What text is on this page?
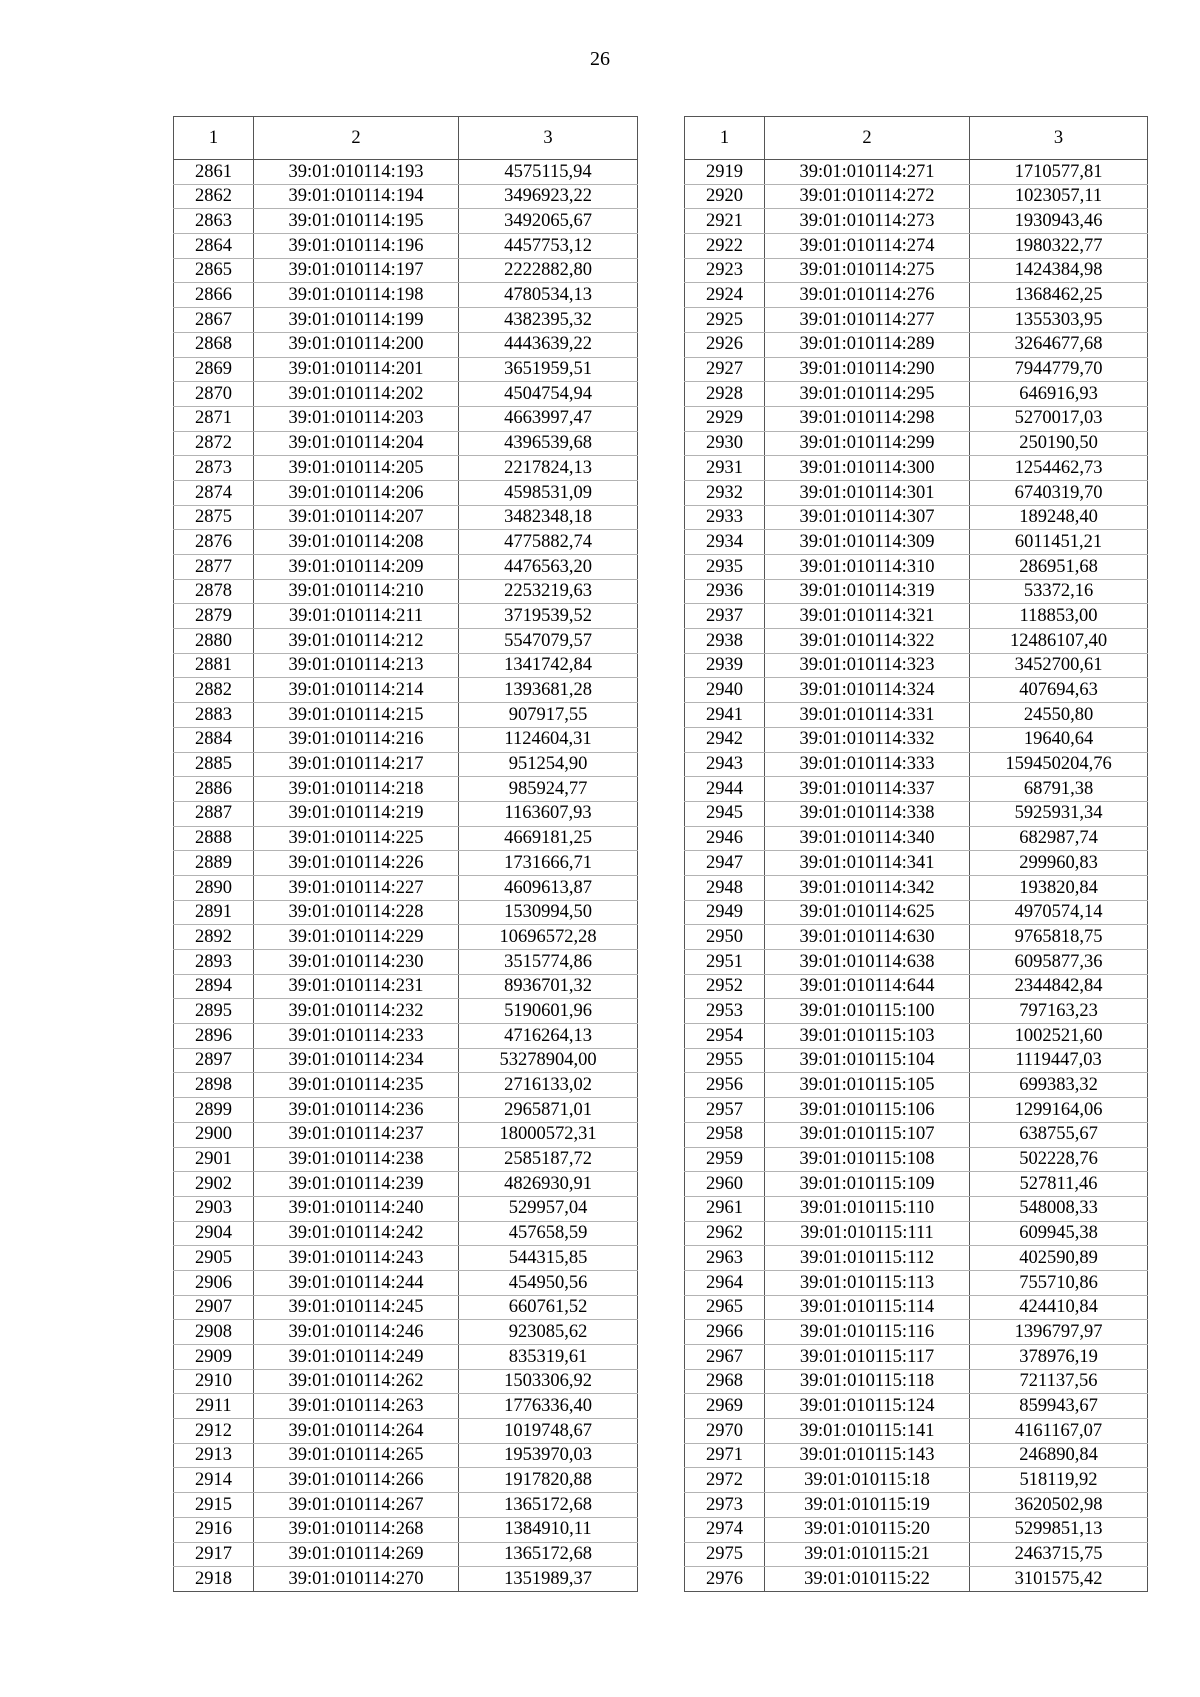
26
1	2	3
2861	39:01:010114:193	4575115,94
2862	39:01:010114:194	3496923,22
2863	39:01:010114:195	3492065,67
2864	39:01:010114:196	4457753,12
2865	39:01:010114:197	2222882,80
2866	39:01:010114:198	4780534,13
2867	39:01:010114:199	4382395,32
2868	39:01:010114:200	4443639,22
2869	39:01:010114:201	3651959,51
2870	39:01:010114:202	4504754,94
2871	39:01:010114:203	4663997,47
2872	39:01:010114:204	4396539,68
2873	39:01:010114:205	2217824,13
2874	39:01:010114:206	4598531,09
2875	39:01:010114:207	3482348,18
2876	39:01:010114:208	4775882,74
2877	39:01:010114:209	4476563,20
2878	39:01:010114:210	2253219,63
2879	39:01:010114:211	3719539,52
2880	39:01:010114:212	5547079,57
2881	39:01:010114:213	1341742,84
2882	39:01:010114:214	1393681,28
2883	39:01:010114:215	907917,55
2884	39:01:010114:216	1124604,31
2885	39:01:010114:217	951254,90
2886	39:01:010114:218	985924,77
2887	39:01:010114:219	1163607,93
2888	39:01:010114:225	4669181,25
2889	39:01:010114:226	1731666,71
2890	39:01:010114:227	4609613,87
2891	39:01:010114:228	1530994,50
2892	39:01:010114:229	10696572,28
2893	39:01:010114:230	3515774,86
2894	39:01:010114:231	8936701,32
2895	39:01:010114:232	5190601,96
2896	39:01:010114:233	4716264,13
2897	39:01:010114:234	53278904,00
2898	39:01:010114:235	2716133,02
2899	39:01:010114:236	2965871,01
2900	39:01:010114:237	18000572,31
2901	39:01:010114:238	2585187,72
2902	39:01:010114:239	4826930,91
2903	39:01:010114:240	529957,04
2904	39:01:010114:242	457658,59
2905	39:01:010114:243	544315,85
2906	39:01:010114:244	454950,56
2907	39:01:010114:245	660761,52
2908	39:01:010114:246	923085,62
2909	39:01:010114:249	835319,61
2910	39:01:010114:262	1503306,92
2911	39:01:010114:263	1776336,40
2912	39:01:010114:264	1019748,67
2913	39:01:010114:265	1953970,03
2914	39:01:010114:266	1917820,88
2915	39:01:010114:267	1365172,68
2916	39:01:010114:268	1384910,11
2917	39:01:010114:269	1365172,68
2918	39:01:010114:270	1351989,37
1	2	3
2919	39:01:010114:271	1710577,81
2920	39:01:010114:272	1023057,11
2921	39:01:010114:273	1930943,46
2922	39:01:010114:274	1980322,77
2923	39:01:010114:275	1424384,98
2924	39:01:010114:276	1368462,25
2925	39:01:010114:277	1355303,95
2926	39:01:010114:289	3264677,68
2927	39:01:010114:290	7944779,70
2928	39:01:010114:295	646916,93
2929	39:01:010114:298	5270017,03
2930	39:01:010114:299	250190,50
2931	39:01:010114:300	1254462,73
2932	39:01:010114:301	6740319,70
2933	39:01:010114:307	189248,40
2934	39:01:010114:309	6011451,21
2935	39:01:010114:310	286951,68
2936	39:01:010114:319	53372,16
2937	39:01:010114:321	118853,00
2938	39:01:010114:322	12486107,40
2939	39:01:010114:323	3452700,61
2940	39:01:010114:324	407694,63
2941	39:01:010114:331	24550,80
2942	39:01:010114:332	19640,64
2943	39:01:010114:333	159450204,76
2944	39:01:010114:337	68791,38
2945	39:01:010114:338	5925931,34
2946	39:01:010114:340	682987,74
2947	39:01:010114:341	299960,83
2948	39:01:010114:342	193820,84
2949	39:01:010114:625	4970574,14
2950	39:01:010114:630	9765818,75
2951	39:01:010114:638	6095877,36
2952	39:01:010114:644	2344842,84
2953	39:01:010115:100	797163,23
2954	39:01:010115:103	1002521,60
2955	39:01:010115:104	1119447,03
2956	39:01:010115:105	699383,32
2957	39:01:010115:106	1299164,06
2958	39:01:010115:107	638755,67
2959	39:01:010115:108	502228,76
2960	39:01:010115:109	527811,46
2961	39:01:010115:110	548008,33
2962	39:01:010115:111	609945,38
2963	39:01:010115:112	402590,89
2964	39:01:010115:113	755710,86
2965	39:01:010115:114	424410,84
2966	39:01:010115:116	1396797,97
2967	39:01:010115:117	378976,19
2968	39:01:010115:118	721137,56
2969	39:01:010115:124	859943,67
2970	39:01:010115:141	4161167,07
2971	39:01:010115:143	246890,84
2972	39:01:010115:18	518119,92
2973	39:01:010115:19	3620502,98
2974	39:01:010115:20	5299851,13
2975	39:01:010115:21	2463715,75
2976	39:01:010115:22	3101575,42
